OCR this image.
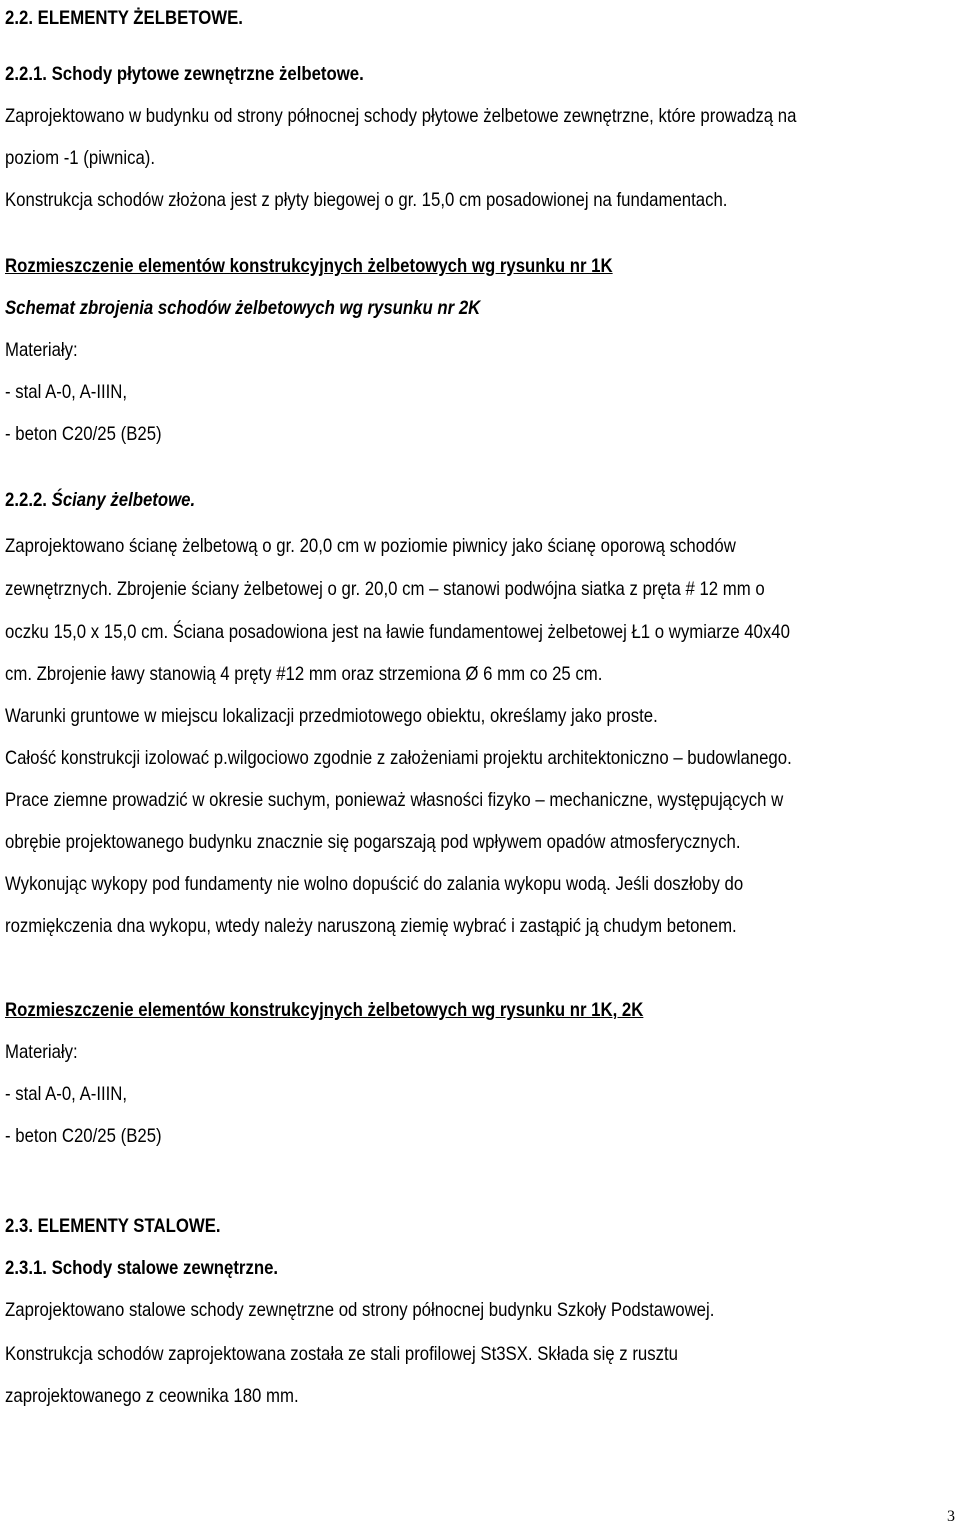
2.2. ELEMENTY ŻELBETOWE.
2.2.1. Schody płytowe zewnętrzne żelbetowe.
Zaprojektowano w budynku od strony północnej schody płytowe żelbetowe zewnętrzne, które prowadzą na
poziom -1 (piwnica).
Konstrukcja schodów złożona jest z płyty biegowej o gr. 15,0 cm posadowionej na fundamentach.
Rozmieszczenie elementów konstrukcyjnych żelbetowych wg rysunku nr 1K
Schemat zbrojenia schodów żelbetowych wg rysunku nr 2K
Materiały:
- stal A-0, A-IIIN,
- beton C20/25 (B25)
2.2.2. Ściany żelbetowe.
Zaprojektowano ścianę żelbetową o gr. 20,0 cm w poziomie piwnicy jako ścianę oporową schodów
zewnętrznych. Zbrojenie ściany żelbetowej o gr. 20,0 cm – stanowi podwójna siatka z pręta # 12 mm o
oczku 15,0 x 15,0 cm. Ściana posadowiona jest na ławie fundamentowej żelbetowej Ł1 o wymiarze 40x40
cm. Zbrojenie ławy stanowią 4 pręty #12 mm oraz strzemiona Ø 6 mm co 25 cm.
Warunki gruntowe w miejscu lokalizacji przedmiotowego obiektu, określamy jako proste.
Całość konstrukcji izolować p.wilgociowo zgodnie z założeniami projektu architektoniczno – budowlanego.
Prace ziemne prowadzić w okresie suchym, ponieważ własności fizyko – mechaniczne, występujących w
obrębie projektowanego budynku znacznie się pogarszają pod wpływem opadów atmosferycznych.
Wykonując wykopy pod fundamenty nie wolno dopuścić do zalania wykopu wodą. Jeśli doszłoby do
rozmiękczenia dna wykopu, wtedy należy naruszoną ziemię wybrać i zastąpić ją chudym betonem.
Rozmieszczenie elementów konstrukcyjnych żelbetowych wg rysunku nr 1K, 2K
Materiały:
- stal A-0, A-IIIN,
- beton C20/25 (B25)
2.3. ELEMENTY STALOWE.
2.3.1. Schody stalowe zewnętrzne.
Zaprojektowano stalowe schody zewnętrzne od strony północnej budynku Szkoły Podstawowej.
Konstrukcja schodów zaprojektowana została ze stali profilowej St3SX. Składa się z rusztu
zaprojektowanego z ceownika 180 mm.
3
